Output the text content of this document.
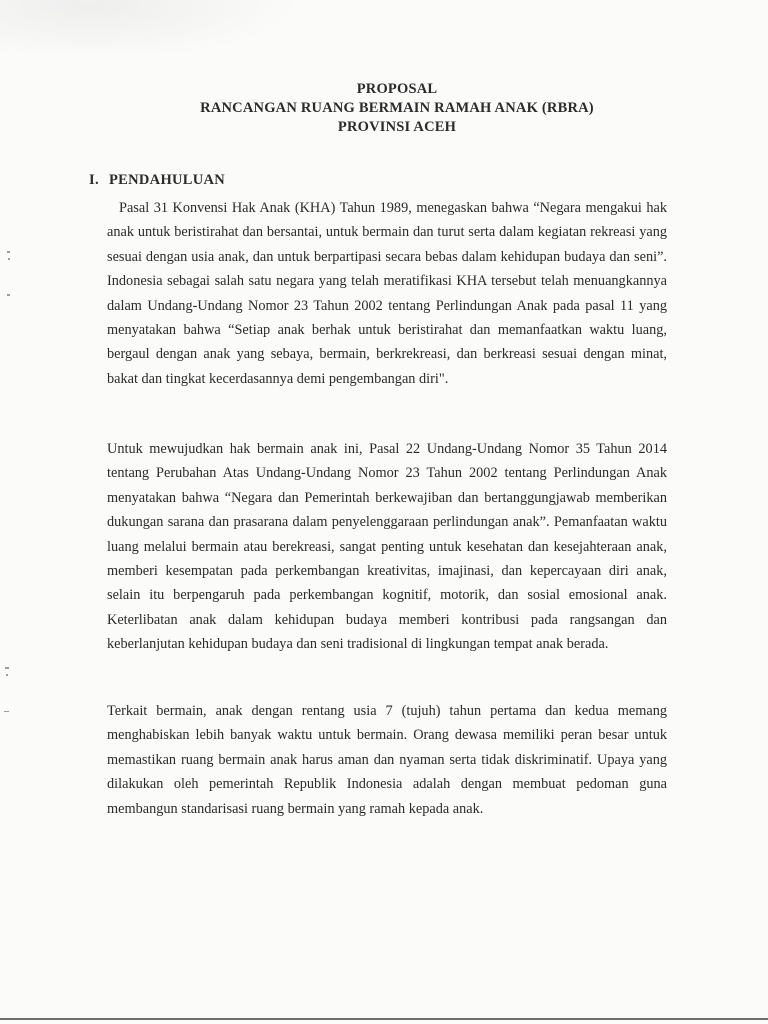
PROPOSAL
RANCANGAN RUANG BERMAIN RAMAH ANAK (RBRA)
PROVINSI ACEH
I. PENDAHULUAN

Pasal 31 Konvensi Hak Anak (KHA) Tahun 1989, menegaskan bahwa “Negara mengakui hak anak untuk beristirahat dan bersantai, untuk bermain dan turut serta dalam kegiatan rekreasi yang sesuai dengan usia anak, dan untuk berpartipasi secara bebas dalam kehidupan budaya dan seni”. Indonesia sebagai salah satu negara yang telah meratifikasi KHA tersebut telah menuangkannya dalam Undang-Undang Nomor 23 Tahun 2002 tentang Perlindungan Anak pada pasal 11 yang menyatakan bahwa “Setiap anak berhak untuk beristirahat dan memanfaatkan waktu luang, bergaul dengan anak yang sebaya, bermain, berkrekreasi, dan berkreasi sesuai dengan minat, bakat dan tingkat kecerdasannya demi pengembangan diri".

Untuk mewujudkan hak bermain anak ini, Pasal 22 Undang-Undang Nomor 35 Tahun 2014 tentang Perubahan Atas Undang-Undang Nomor 23 Tahun 2002 tentang Perlindungan Anak menyatakan bahwa “Negara dan Pemerintah berkewajiban dan bertanggungjawab memberikan dukungan sarana dan prasarana dalam penyelenggaraan perlindungan anak”. Pemanfaatan waktu luang melalui bermain atau berekreasi, sangat penting untuk kesehatan dan kesejahteraan anak, memberi kesempatan pada perkembangan kreativitas, imajinasi, dan kepercayaan diri anak, selain itu berpengaruh pada perkembangan kognitif, motorik, dan sosial emosional anak. Keterlibatan anak dalam kehidupan budaya memberi kontribusi pada rangsangan dan keberlanjutan kehidupan budaya dan seni tradisional di lingkungan tempat anak berada.

Terkait bermain, anak dengan rentang usia 7 (tujuh) tahun pertama dan kedua memang menghabiskan lebih banyak waktu untuk bermain. Orang dewasa memiliki peran besar untuk memastikan ruang bermain anak harus aman dan nyaman serta tidak diskriminatif. Upaya yang dilakukan oleh pemerintah Republik Indonesia adalah dengan membuat pedoman guna membangun standarisasi ruang bermain yang ramah kepada anak.
